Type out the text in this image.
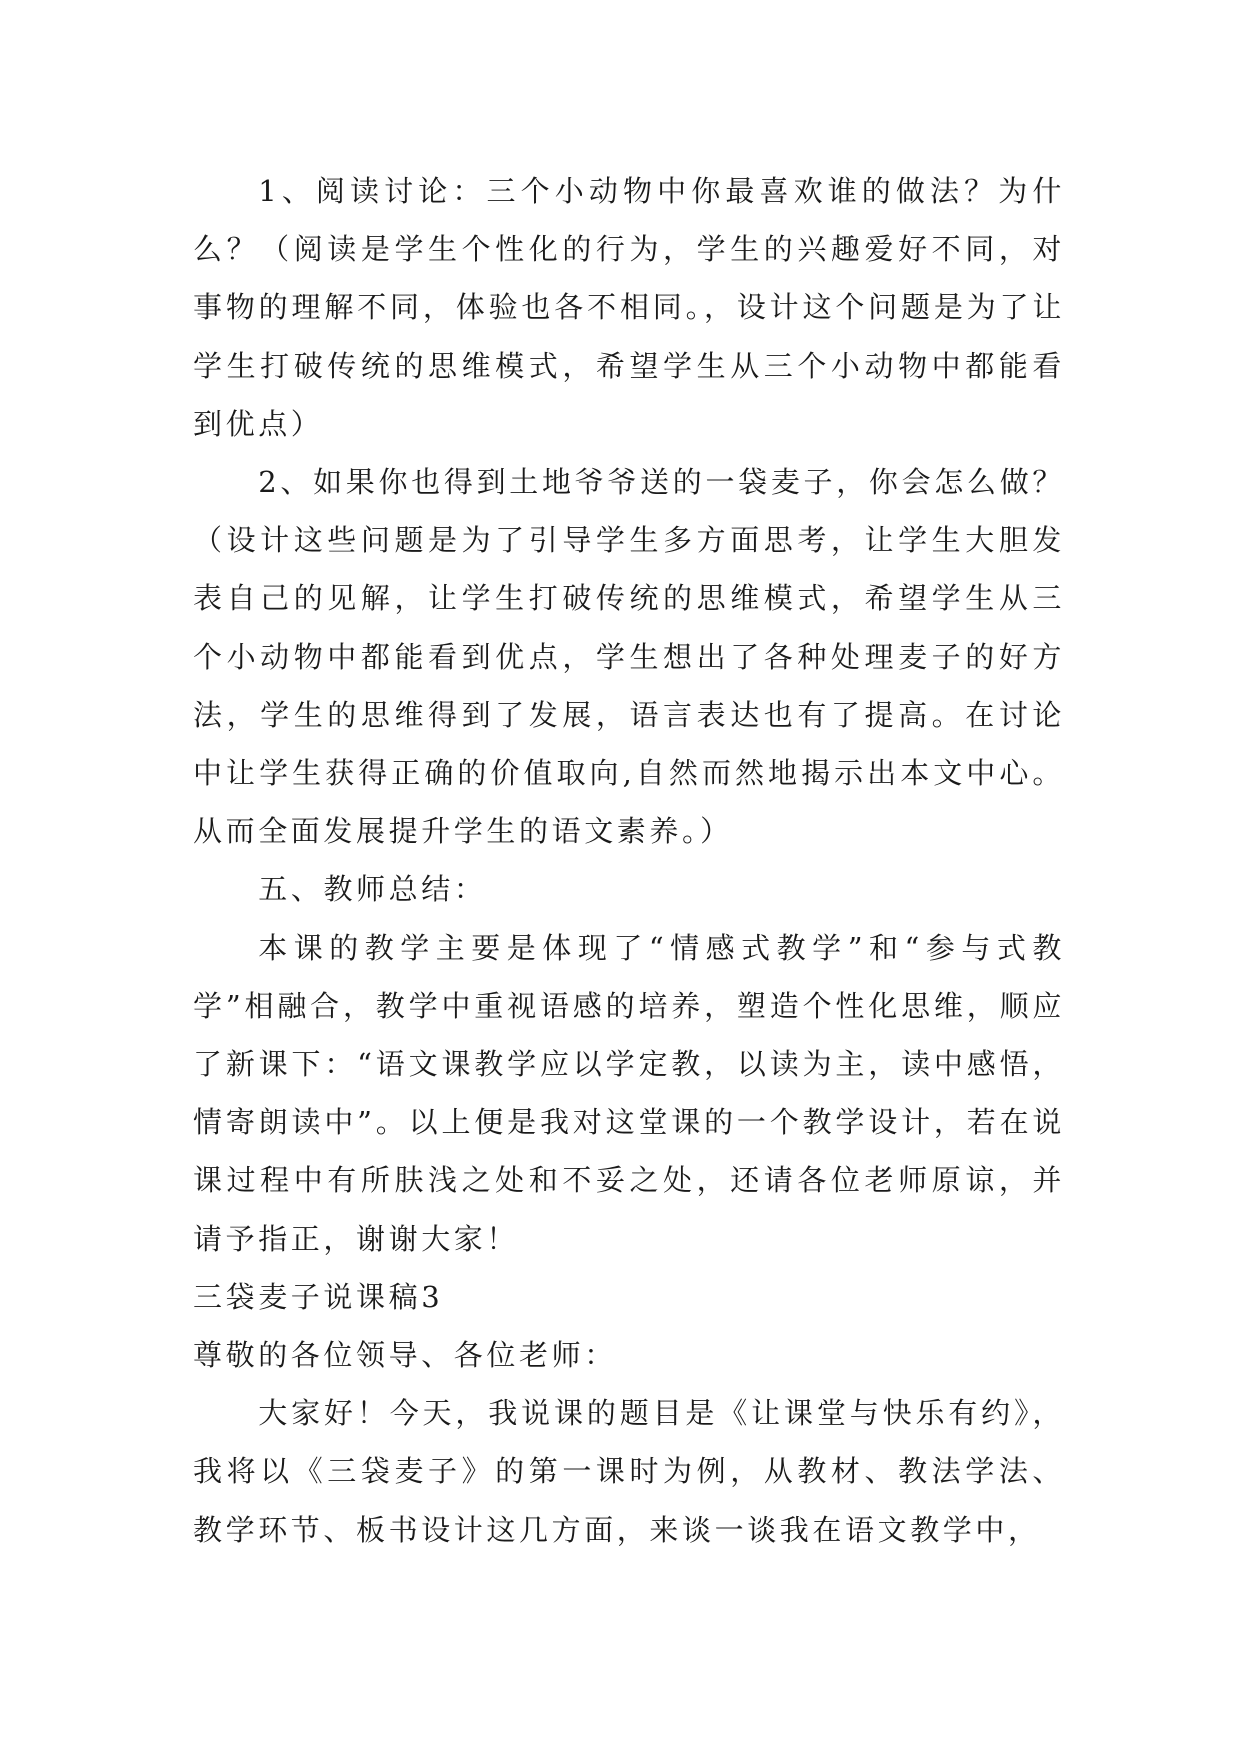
1、阅读讨论：三个小动物中你最喜欢谁的做法？为什么？（阅读是学生个性化的行为，学生的兴趣爱好不同，对事物的理解不同，体验也各不相同。，设计这个问题是为了让学生打破传统的思维模式，希望学生从三个小动物中都能看到优点）

2、如果你也得到土地爷爷送的一袋麦子，你会怎么做？（设计这些问题是为了引导学生多方面思考，让学生大胆发表自己的见解，让学生打破传统的思维模式，希望学生从三个小动物中都能看到优点，学生想出了各种处理麦子的好方法，学生的思维得到了发展，语言表达也有了提高。在讨论中让学生获得正确的价值取向,自然而然地揭示出本文中心。从而全面发展提升学生的语文素养。）

五、教师总结：

本课的教学主要是体现了“情感式教学”和“参与式教学”相融合，教学中重视语感的培养，塑造个性化思维，顺应了新课下：“语文课教学应以学定教，以读为主，读中感悟，情寄朗读中”。以上便是我对这堂课的一个教学设计，若在说课过程中有所肤浅之处和不妥之处，还请各位老师原谅，并请予指正，谢谢大家！

三袋麦子说课稿3

尊敬的各位领导、各位老师：

大家好！今天，我说课的题目是《让课堂与快乐有约》，我将以《三袋麦子》的第一课时为例，从教材、教法学法、教学环节、板书设计这几方面，来谈一谈我在语文教学中，
